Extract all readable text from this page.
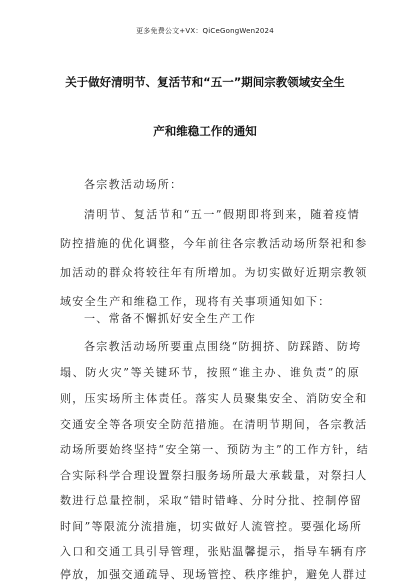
更多免费公文+VX：QiCeGongWen2024
关于做好清明节、复活节和“五一”期间宗教领域安全生
产和维稳工作的通知
各宗教活动场所：
清明节、复活节和“五一”假期即将到来，随着疫情
防控措施的优化调整，今年前往各宗教活动场所祭祀和参
加活动的群众将较往年有所增加。为切实做好近期宗教领
域安全生产和维稳工作，现将有关事项通知如下：
一、常备不懈抓好安全生产工作
各宗教活动场所要重点围绕“防拥挤、防踩踏、防垮
塌、防火灾”等关键环节，按照“谁主办、谁负责”的原
则，压实场所主体责任。落实人员聚集安全、消防安全和
交通安全等各项安全防范措施。在清明节期间，各宗教活
动场所要始终坚持“安全第一、预防为主”的工作方针，结
合实际科学合理设置祭扫服务场所最大承载量，对祭扫人
数进行总量控制，采取“错时错峰、分时分批、控制停留
时间”等限流分流措施，切实做好人流管控。要强化场所
入口和交通工具引导管理，张贴温馨提示，指导车辆有序
停放，加强交通疏导、现场管控、秩序维护，避免人群过
